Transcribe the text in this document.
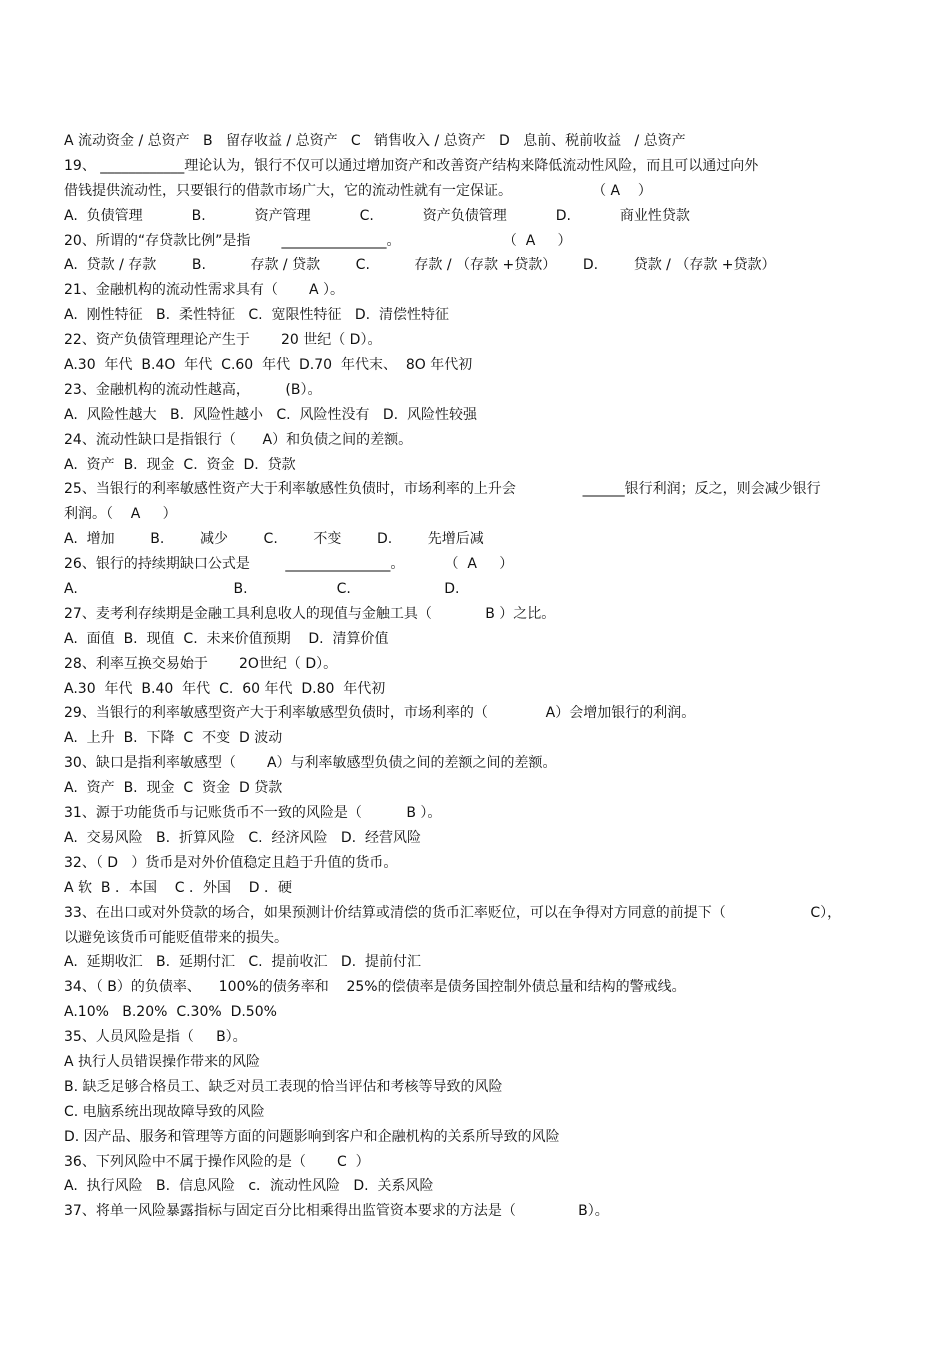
A 流动资金 / 总资产   B   留存收益 / 总资产   C   销售收入 / 总资产   D   息前、税前收益   / 总资产
19、 ____________理论认为，银行不仅可以通过增加资产和改善资产结构来降低流动性风险，而且可以通过向外
借钱提供流动性，只要银行的借款市场广大，它的流动性就有一定保证。                  （ A    ）
A.  负债管理           B.           资产管理           C.           资产负债管理           D.           商业性贷款
20、所谓的“存贷款比例”是指       _______________。                       （  A     ）
A.  贷款 / 存款        B.          存款 / 贷款        C.          存款 / （存款 +贷款）      D.        贷款 / （存款 +贷款）
21、金融机构的流动性需求具有（       A ）。
A.  刚性特征   B.  柔性特征   C.  宽限性特征   D.  清偿性特征
22、资产负债管理理论产生于       20 世纪（ D）。
A.30  年代  B.4O  年代  C.60  年代  D.70  年代末、  8O 年代初
23、金融机构的流动性越高，        (B）。
A.  风险性越大   B.  风险性越小   C.  风险性没有   D.  风险性较强
24、流动性缺口是指银行（      A）和负债之间的差额。
A.  资产  B.  现金  C.  资金  D.  贷款
25、当银行的利率敏感性资产大于利率敏感性负债时，市场利率的上升会               ______银行利润；反之，则会减少银行
利润。（    A     ）
A.  增加        B.        减少        C.        不变        D.        先增后减
26、银行的持续期缺口公式是        _______________。         （  A     ）
A.                                   B.                    C.                     D.
27、麦考利存续期是金融工具利息收人的现值与金触工具（            B ）之比。
A.  面值  B.  现值  C.  未来价值预期    D.  清算价值
28、利率互换交易始于       2O世纪（ D）。
A.30  年代  B.40  年代  C.  60 年代  D.80  年代初
29、当银行的利率敏感型资产大于利率敏感型负债时，市场利率的（             A）会增加银行的利润。
A.  上升  B.  下降  C  不变  D 波动
30、缺口是指利率敏感型（       A）与利率敏感型负债之间的差额之间的差额。
A.  资产  B.  现金  C  资金  D 贷款
31、源于功能货币与记账货币不一致的风险是（          B ）。
A.  交易风险   B.  折算风险   C.  经济风险   D.  经营风险
32、（ D   ）货币是对外价值稳定且趋于升值的货币。
A 软  B ．本国    C ．外国    D ．硬
33、在出口或对外贷款的场合，如果预测计价结算或清偿的货币汇率贬位，可以在争得对方同意的前提下（                   C），
以避免该货币可能贬值带来的损失。
A.  延期收汇   B.  延期付汇   C.  提前收汇   D.  提前付汇
34、（ B）的负债率、    100%的债务率和    25%的偿债率是债务国控制外债总量和结构的警戒线。
A.10%   B.20%  C.30%  D.50%
35、人员风险是指（     B）。
A 执行人员错误操作带来的风险
B. 缺乏足够合格员工、缺乏对员工表现的恰当评估和考核等导致的风险
C. 电脑系统出现故障导致的风险
D. 因产品、服务和管理等方面的问题影响到客户和企融机构的关系所导致的风险
36、下列风险中不属于操作风险的是（       C  ）
A.  执行风险   B.  信息风险   c．流动性风险   D.  关系风险
37、将单一风险暴露指标与固定百分比相乘得出监管资本要求的方法是（              B）。
